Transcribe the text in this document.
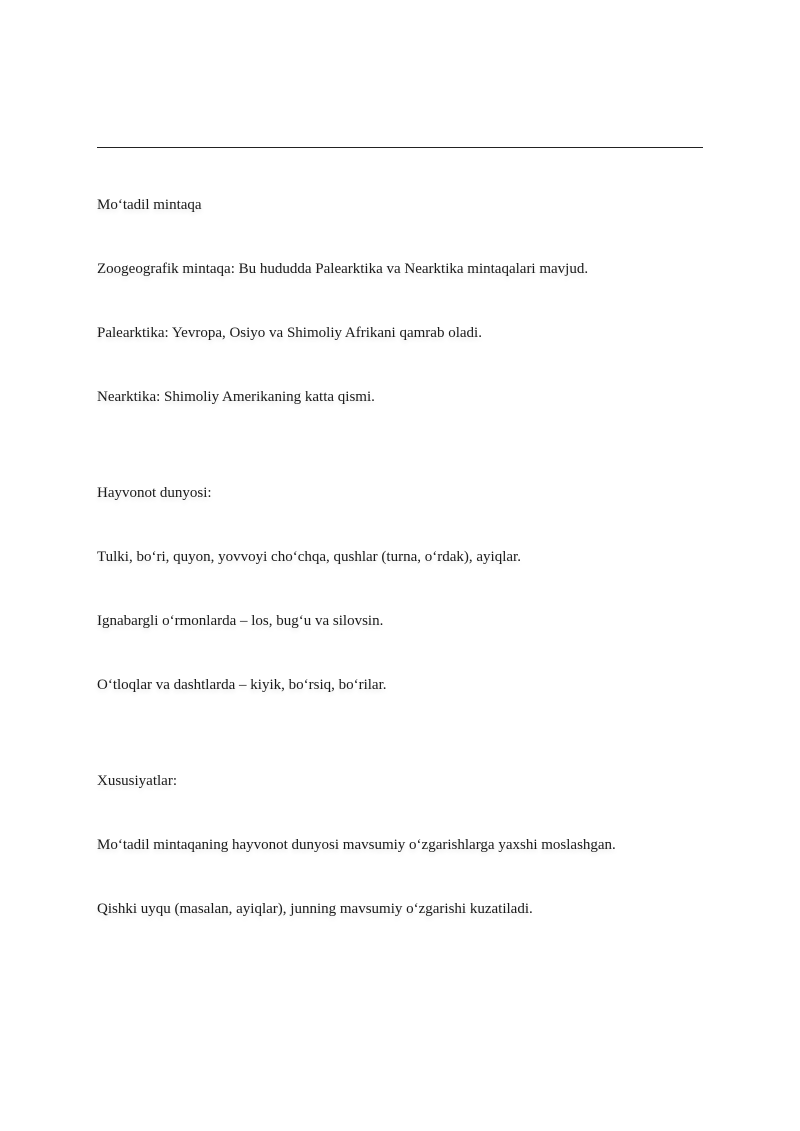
Mo‘tadil mintaqa

Zoogeografik mintaqa: Bu hududda Palearktika va Nearktika mintaqalari mavjud.

Palearktika: Yevropa, Osiyo va Shimoliy Afrikani qamrab oladi.

Nearktika: Shimoliy Amerikaning katta qismi.

Hayvonot dunyosi:

Tulki, bo‘rі, quyon, yovvoyi cho‘chqa, qushlar (turna, o‘rdak), ayiqlar.

Ignabargli o‘rmonlarda – los, bug‘u va silovsin.

O‘tloqlar va dashtlarda – kiyik, bo‘rsiq, bo‘rilar.

Xususiyatlar:

Mo‘tadil mintaqaning hayvonot dunyosi mavsumiy o‘zgarishlarga yaxshi moslashgan.

Qishki uyqu (masalan, ayiqlar), junning mavsumiy o‘zgarishi kuzatiladi.
